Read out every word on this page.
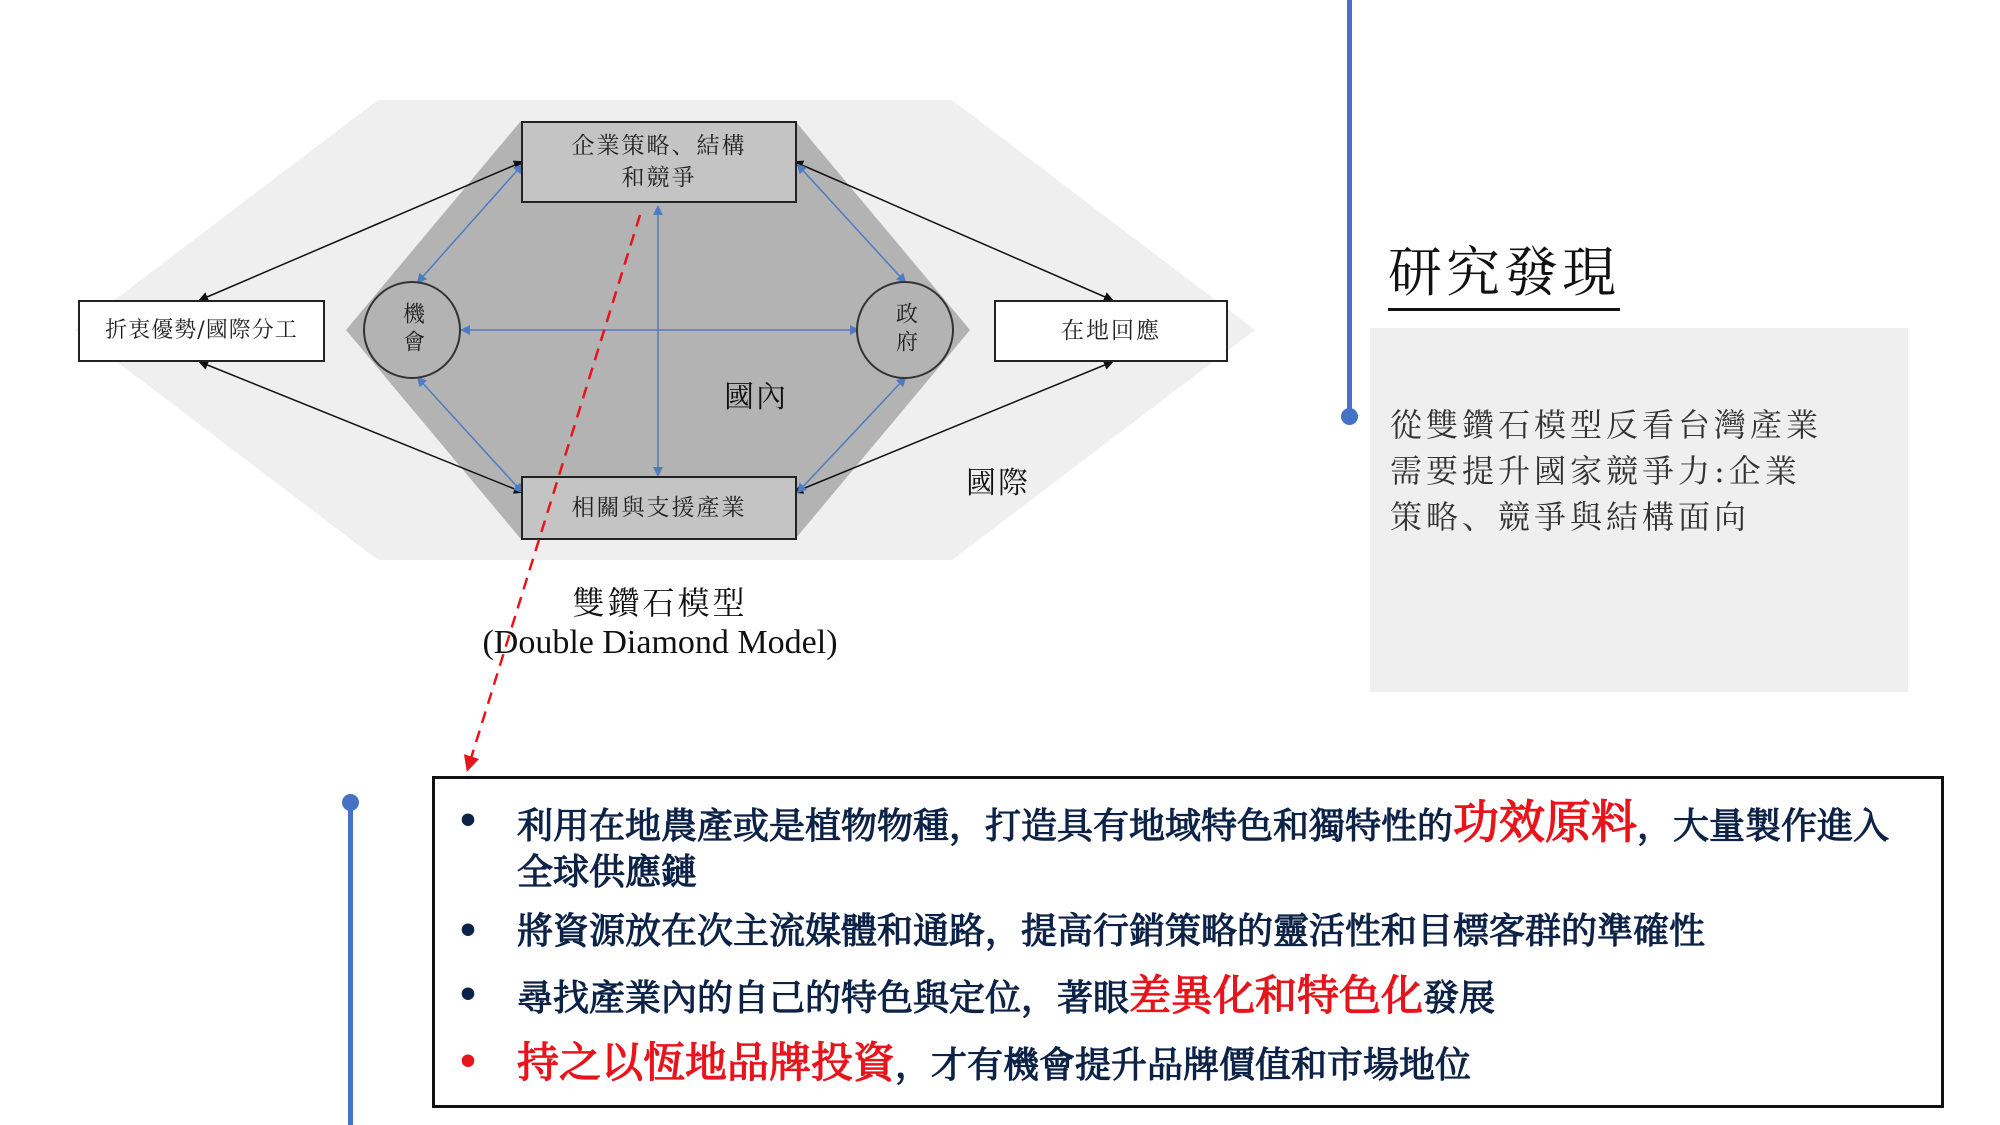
企業策略、結構
和競爭
相關與支援產業
折衷優勢/國際分工	在地回應
機會	政府
國內
國際
雙鑽石模型
(Double Diamond Model)
研究發現
從雙鑽石模型反看台灣產業需要提升國家競爭力:企業策略、競爭與結構面向
• 利用在地農產或是植物物種，打造具有地域特色和獨特性的功效原料，大量製作進入全球供應鏈
• 將資源放在次主流媒體和通路，提高行銷策略的靈活性和目標客群的準確性
• 尋找產業內的自己的特色與定位，著眼差異化和特色化發展
• 持之以恆地品牌投資，才有機會提升品牌價值和市場地位
